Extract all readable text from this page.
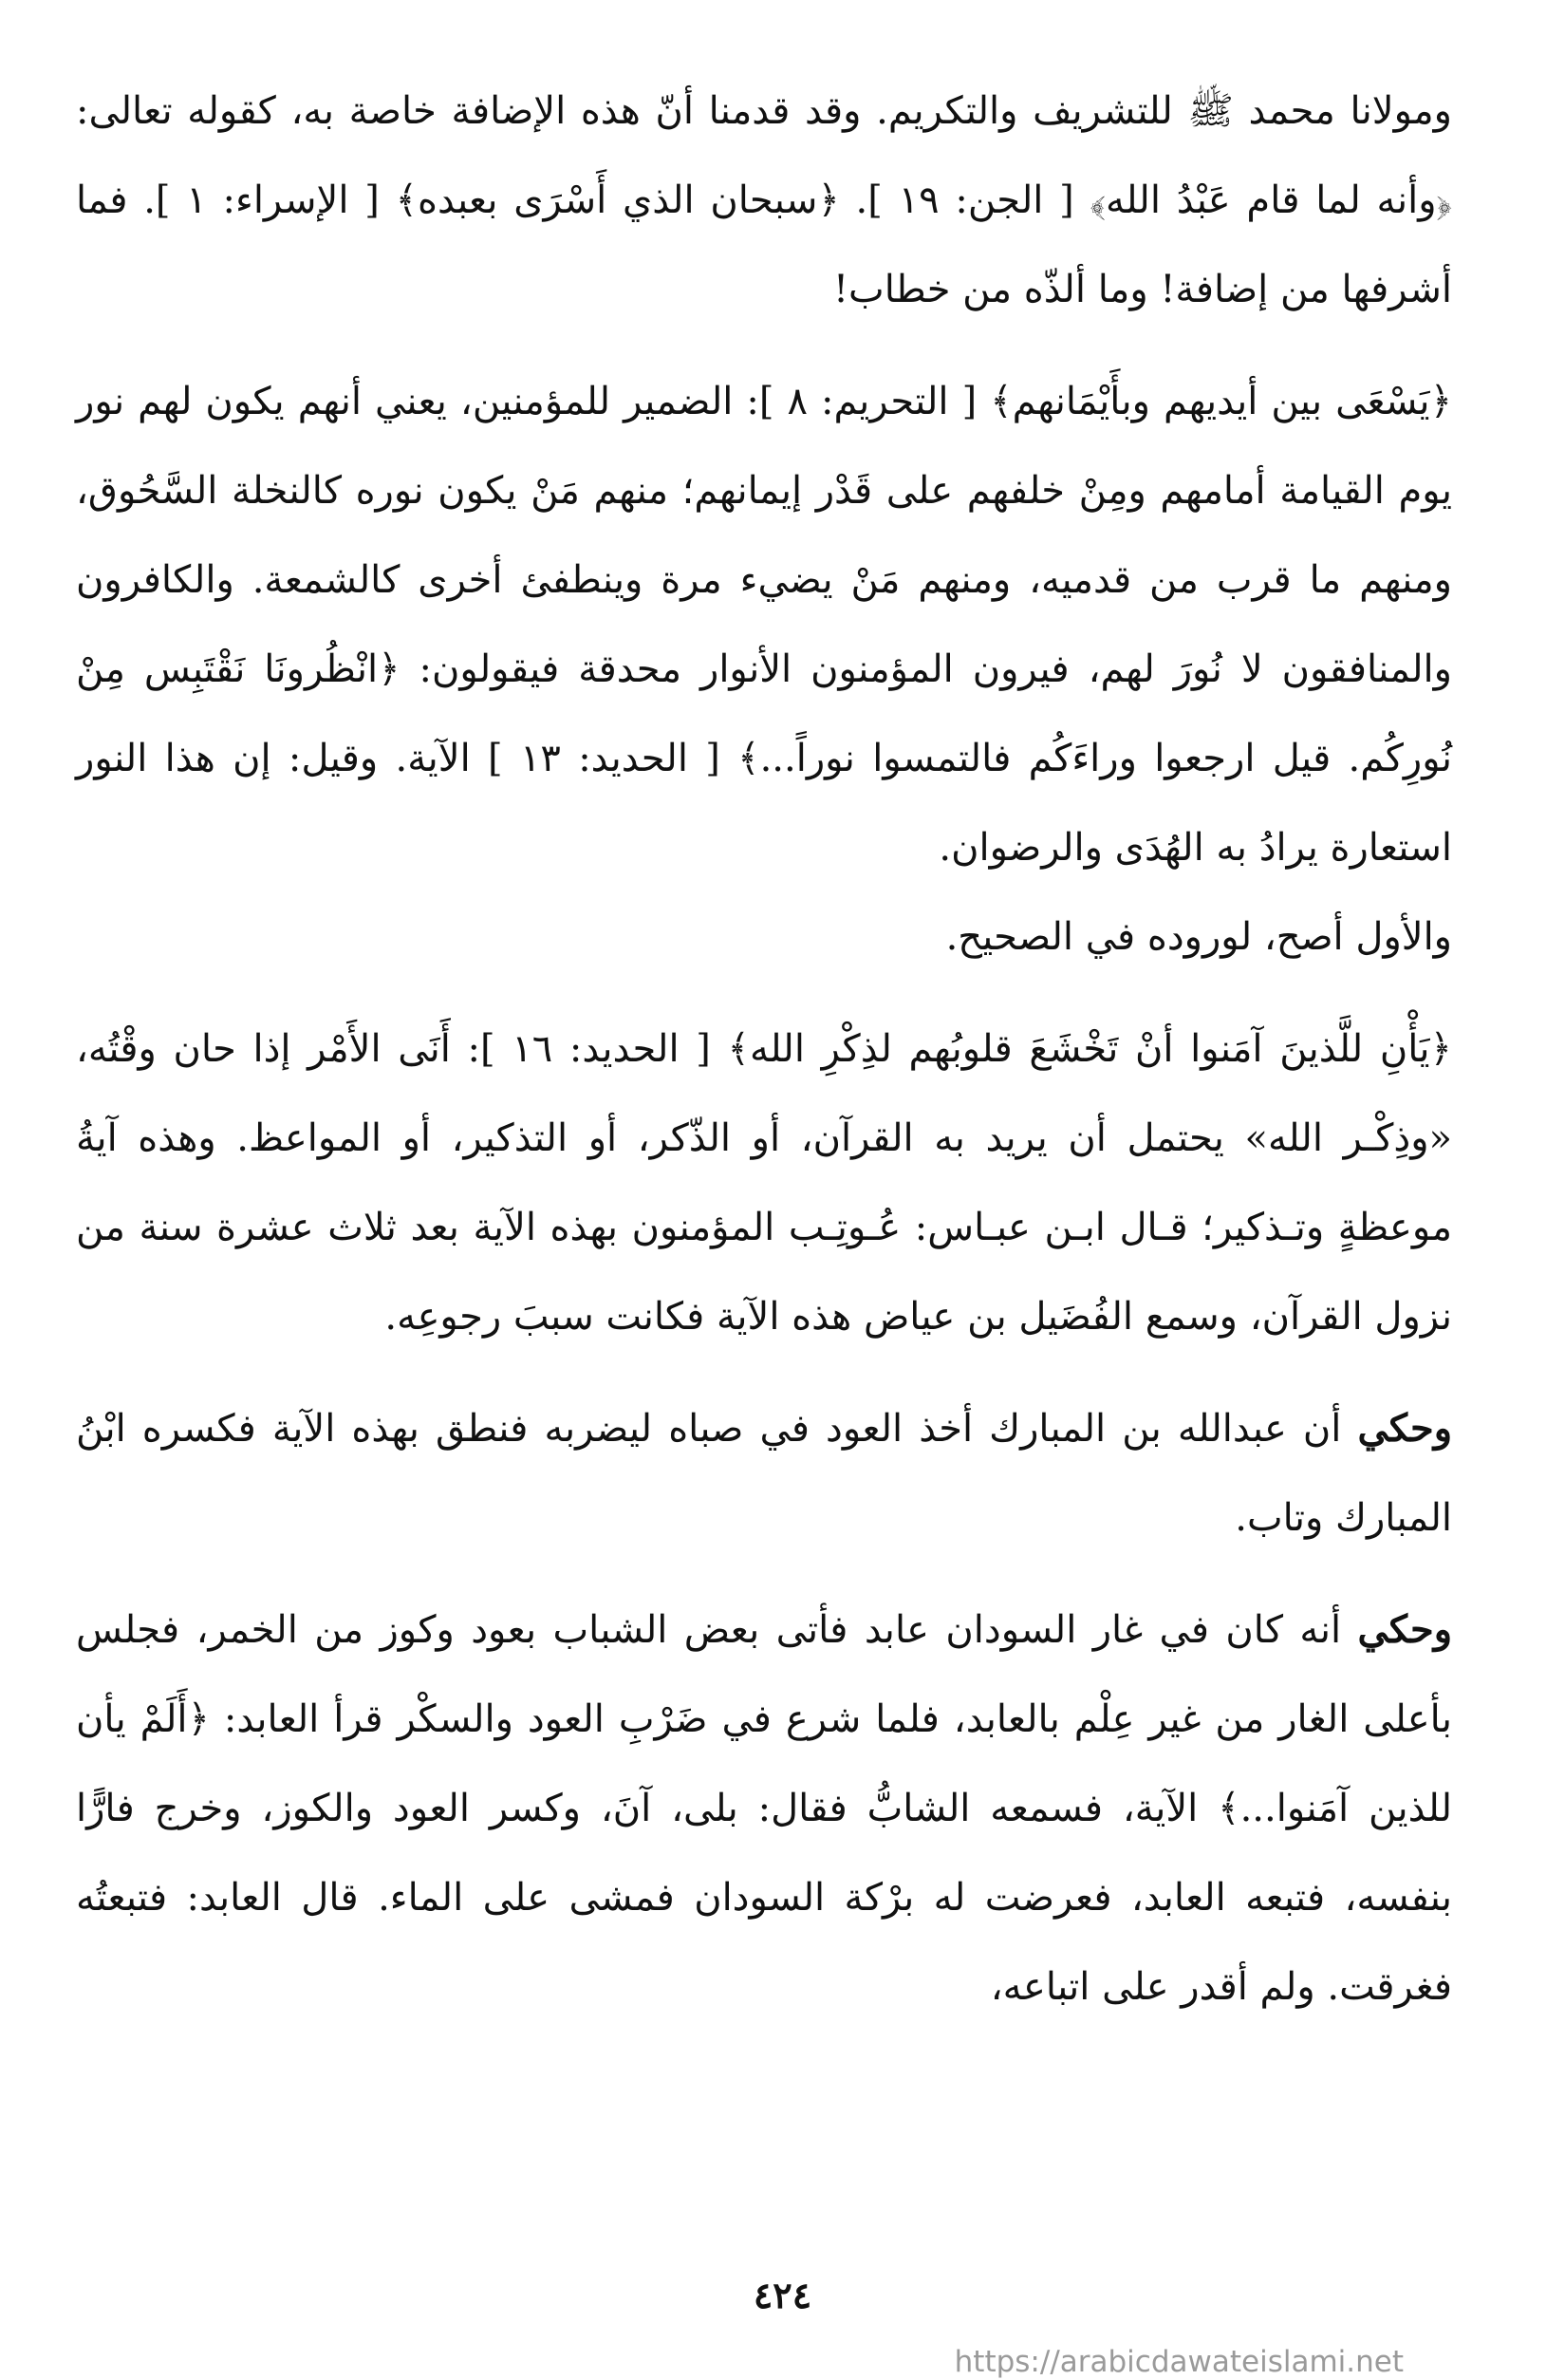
ومولانا محمد ﷺ للتشريف والتكريم. وقد قدمنا أنّ هذه الإضافة خاصة به، كقوله تعالى: ﴿وأنه لما قام عَبْدُ الله﴾ [ الجن: ١٩ ]. ﴿سبحان الذي أَسْرَى بعبده﴾ [ الإسراء: ١ ]. فما أشرفها من إضافة! وما ألذّه من خطاب!

﴿يَسْعَى بين أيديهم وبأَيْمَانهم﴾ [ التحريم: ٨ ]: الضمير للمؤمنين، يعني أنهم يكون لهم نور يوم القيامة أمامهم ومِنْ خلفهم على قَدْر إيمانهم؛ منهم مَنْ يكون نوره كالنخلة السَّحُوق، ومنهم ما قرب من قدميه، ومنهم مَنْ يضيء مرة وينطفئ أخرى كالشمعة. والكافرون والمنافقون لا نُورَ لهم، فيرون المؤمنون الأنوار محدقة فيقولون: ﴿انْظُرونَا نَقْتَبِس مِنْ نُورِكُم. قيل ارجعوا وراءَكُم فالتمسوا نوراً...﴾ [ الحديد: ١٣ ] الآية. وقيل: إن هذا النور استعارة يرادُ به الهُدَى والرضوان.

والأول أصح، لوروده في الصحيح.

﴿يَأْنِ للَّذينَ آمَنوا أنْ تَخْشَعَ قلوبُهم لذِكْرِ الله﴾ [ الحديد: ١٦ ]: أَنَى الأَمْر إذا حان وقْتُه، «وذِكْـر الله» يحتمل أن يريد به القرآن، أو الذّكر، أو التذكير، أو المواعظ. وهذه آيةُ موعظةٍ وتـذكير؛ قـال ابـن عبـاس: عُـوتِـب المؤمنون بهذه الآية بعد ثلاث عشرة سنة من نزول القرآن، وسمع الفُضَيل بن عياض هذه الآية فكانت سببَ رجوعِه.

وحكي أن عبدالله بن المبارك أخذ العود في صباه ليضربه فنطق بهذه الآية فكسره ابْنُ المبارك وتاب.

وحكي أنه كان في غار السودان عابد فأتى بعض الشباب بعود وكوز من الخمر، فجلس بأعلى الغار من غير عِلْم بالعابد، فلما شرع في ضَرْبِ العود والسكْر قرأ العابد: ﴿أَلَمْ يأن للذين آمَنوا...﴾ الآية، فسمعه الشابُّ فقال: بلى، آنَ، وكسر العود والكوز، وخرج فارًّا بنفسه، فتبعه العابد، فعرضت له برْكة السودان فمشى على الماء. قال العابد: فتبعتُه فغرقت. ولم أقدر على اتباعه،

٤٢٤
https://arabicdawateislami.net
